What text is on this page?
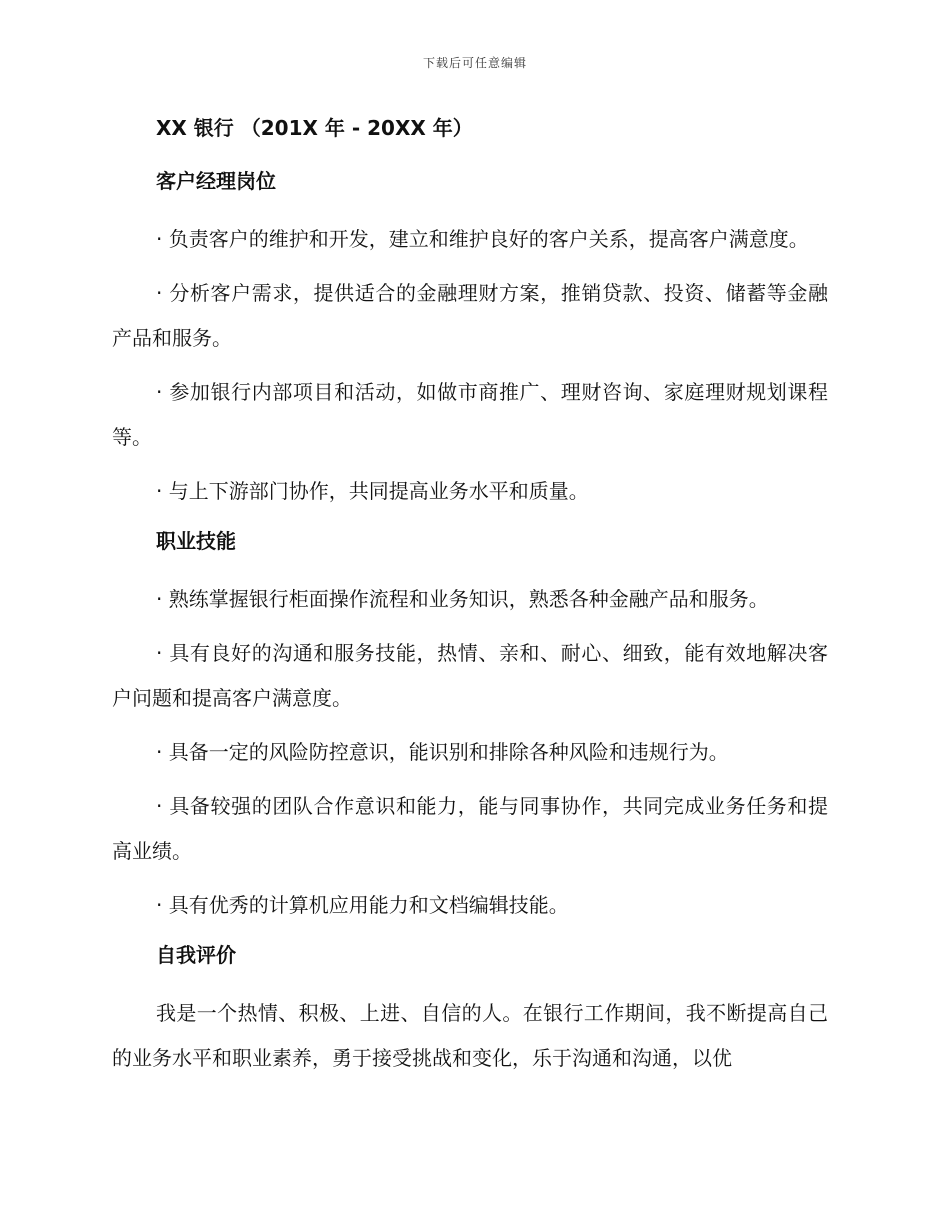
下载后可任意编辑
XX 银行 （201X 年 - 20XX 年）
客户经理岗位

· 负责客户的维护和开发，建立和维护良好的客户关系，提高客户满意度。

· 分析客户需求，提供适合的金融理财方案，推销贷款、投资、储蓄等金融产品和服务。

· 参加银行内部项目和活动，如做市商推广、理财咨询、家庭理财规划课程等。

· 与上下游部门协作，共同提高业务水平和质量。

职业技能

· 熟练掌握银行柜面操作流程和业务知识，熟悉各种金融产品和服务。

· 具有良好的沟通和服务技能，热情、亲和、耐心、细致，能有效地解决客户问题和提高客户满意度。

· 具备一定的风险防控意识，能识别和排除各种风险和违规行为。

· 具备较强的团队合作意识和能力，能与同事协作，共同完成业务任务和提高业绩。

· 具有优秀的计算机应用能力和文档编辑技能。

自我评价

我是一个热情、积极、上进、自信的人。在银行工作期间，我不断提高自己的业务水平和职业素养，勇于接受挑战和变化，乐于沟通和沟通，以优
